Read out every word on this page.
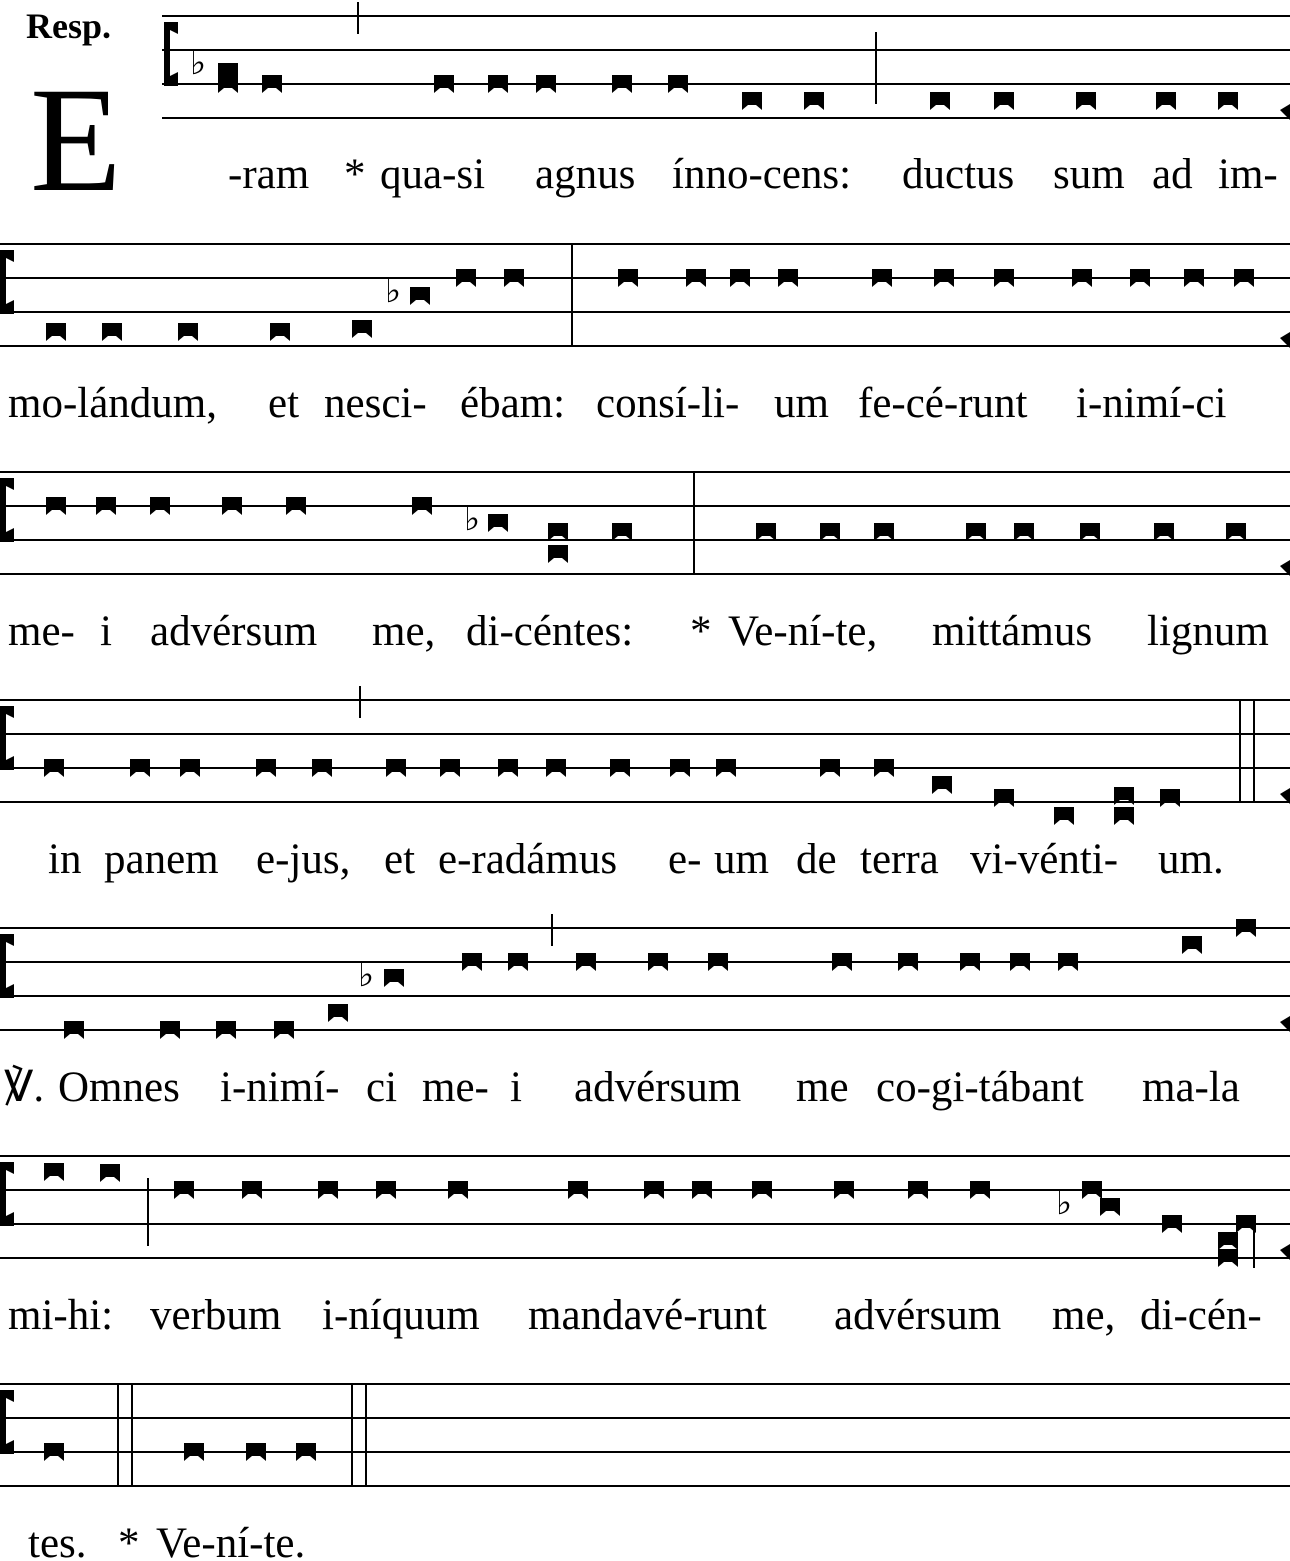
♭
♭
♭
♭
♭
Resp.
E -ram * qua-si agnus ínno-cens: ductus sum ad im-
mo-lándum, et nesci- ébam: consí-li- um fe-cé-runt i-nimí-ci
me- i advérsum me, di-céntes: * Ve-ní-te, mittámus lignum
in panem e-jus, et e-radámus e- um de terra vi-vénti- um.
℣. Omnes i-nimí- ci me- i advérsum me co-gi-tábant ma-la
mi-hi: verbum i-níquum mandavé-runt advérsum me, di-cén-
tes. * Ve-ní-te.
